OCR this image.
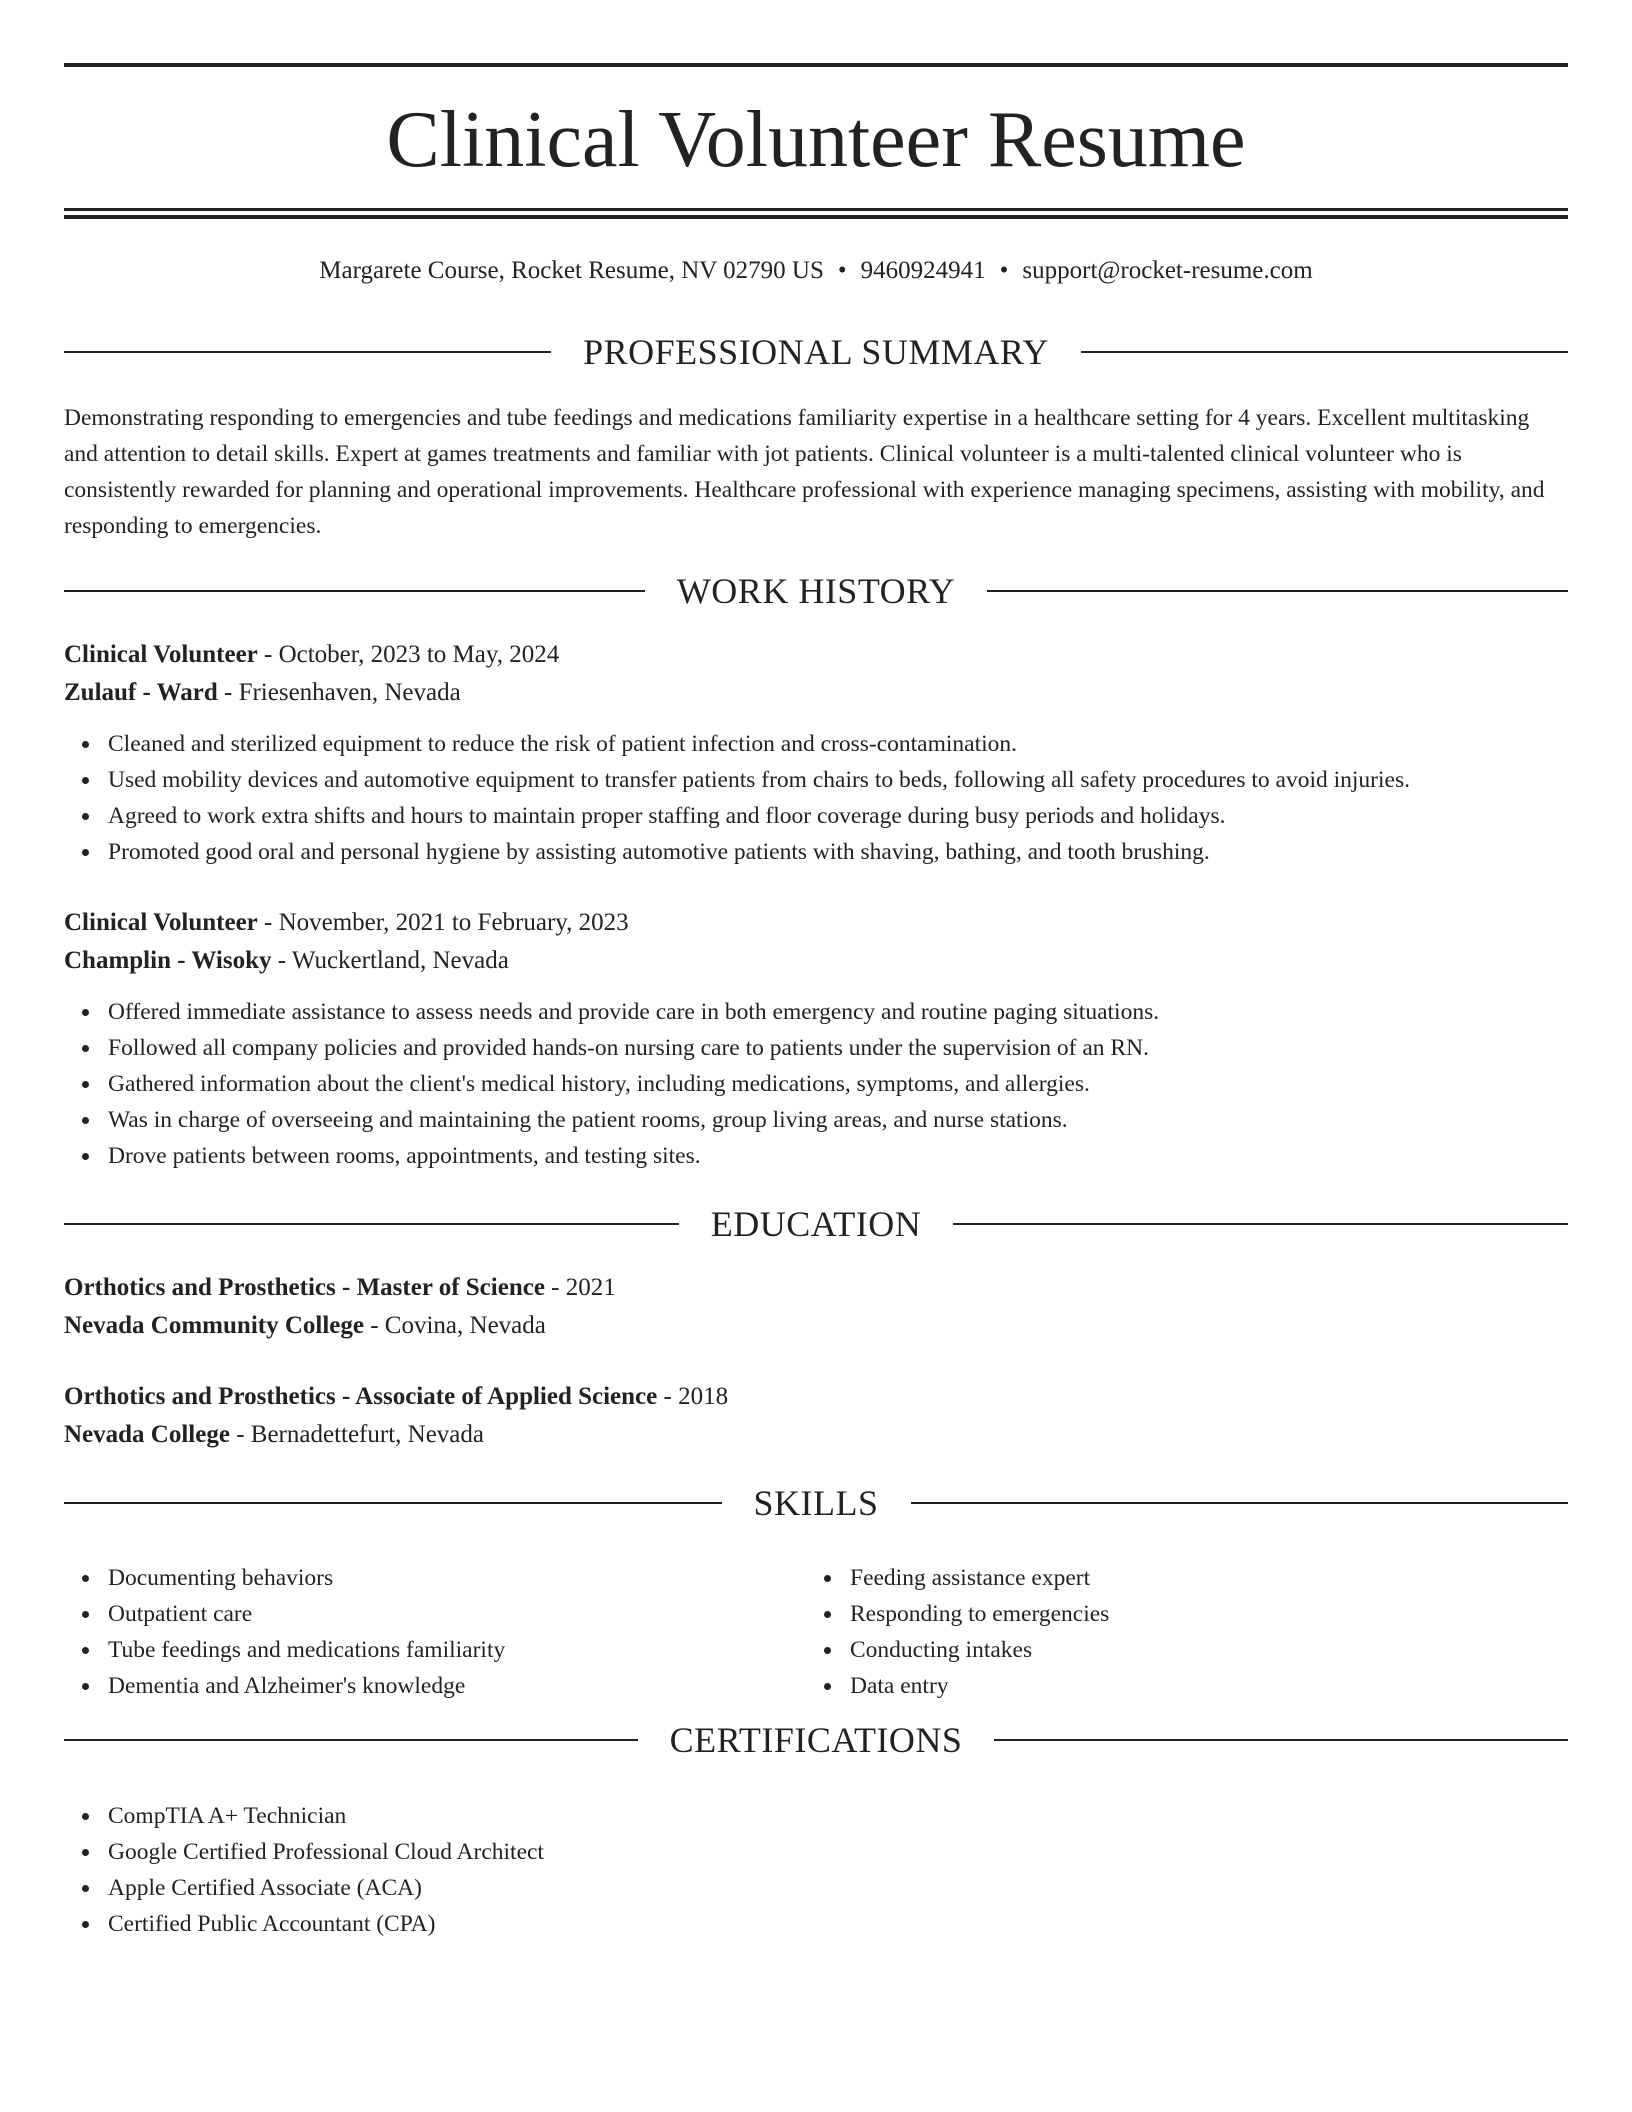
Clinical Volunteer Resume
Margarete Course, Rocket Resume, NV 02790 US • 9460924941 • support@rocket-resume.com
PROFESSIONAL SUMMARY

Demonstrating responding to emergencies and tube feedings and medications familiarity expertise in a healthcare setting for 4 years. Excellent multitasking and attention to detail skills. Expert at games treatments and familiar with jot patients. Clinical volunteer is a multi-talented clinical volunteer who is consistently rewarded for planning and operational improvements. Healthcare professional with experience managing specimens, assisting with mobility, and responding to emergencies.

WORK HISTORY
Clinical Volunteer - October, 2023 to May, 2024
Zulauf - Ward - Friesenhaven, Nevada
Cleaned and sterilized equipment to reduce the risk of patient infection and cross-contamination.
Used mobility devices and automotive equipment to transfer patients from chairs to beds, following all safety procedures to avoid injuries.
Agreed to work extra shifts and hours to maintain proper staffing and floor coverage during busy periods and holidays.
Promoted good oral and personal hygiene by assisting automotive patients with shaving, bathing, and tooth brushing.
Clinical Volunteer - November, 2021 to February, 2023
Champlin - Wisoky - Wuckertland, Nevada
Offered immediate assistance to assess needs and provide care in both emergency and routine paging situations.
Followed all company policies and provided hands-on nursing care to patients under the supervision of an RN.
Gathered information about the client's medical history, including medications, symptoms, and allergies.
Was in charge of overseeing and maintaining the patient rooms, group living areas, and nurse stations.
Drove patients between rooms, appointments, and testing sites.
EDUCATION
Orthotics and Prosthetics - Master of Science - 2021
Nevada Community College - Covina, Nevada
Orthotics and Prosthetics - Associate of Applied Science - 2018
Nevada College - Bernadettefurt, Nevada
SKILLS
Documenting behaviors
Outpatient care
Tube feedings and medications familiarity
Dementia and Alzheimer's knowledge
Feeding assistance expert
Responding to emergencies
Conducting intakes
Data entry
CERTIFICATIONS
CompTIA A+ Technician
Google Certified Professional Cloud Architect
Apple Certified Associate (ACA)
Certified Public Accountant (CPA)
